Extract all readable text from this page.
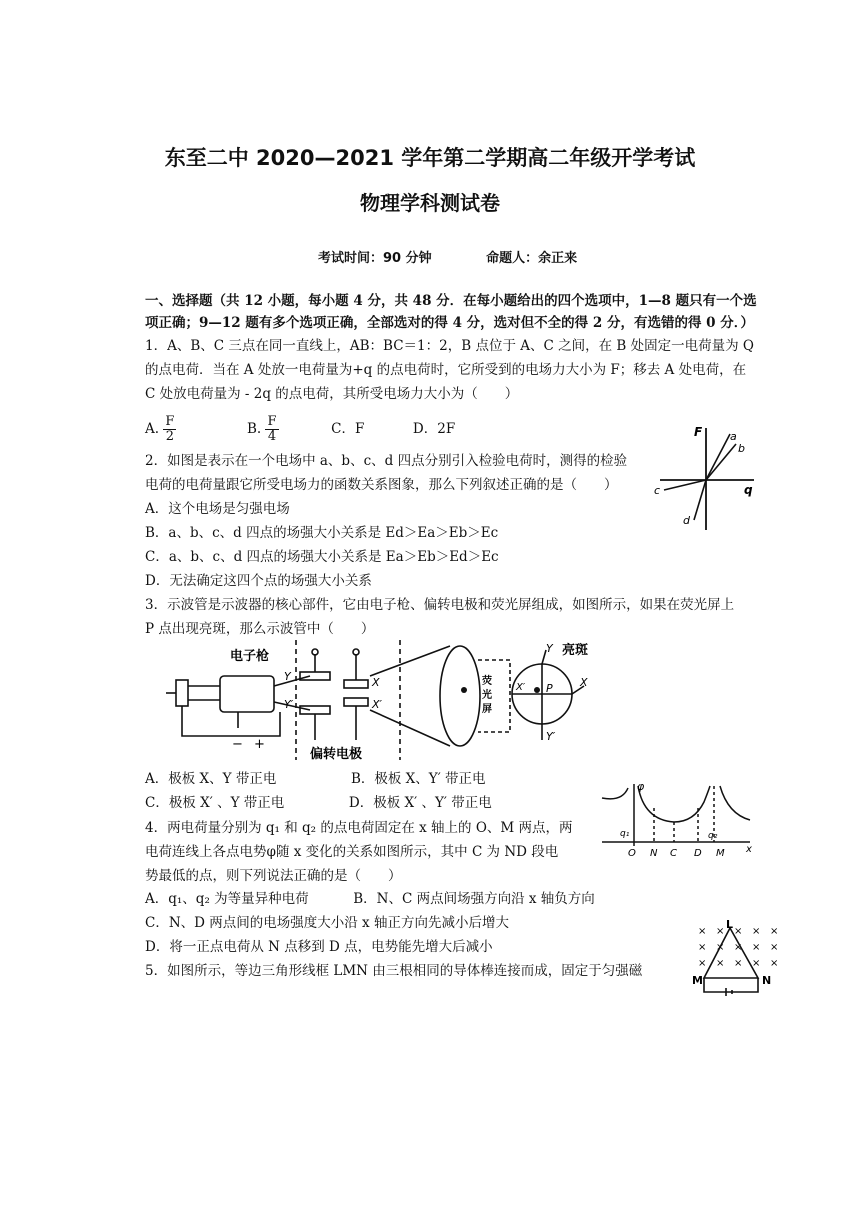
东至二中 2020—2021 学年第二学期高二年级开学考试
物理学科测试卷
考试时间：90 分钟	命题人：余正来
一、选择题（共 12 小题，每小题 4 分，共 48 分．在每小题给出的四个选项中，1—8 题只有一个选
项正确；9—12 题有多个选项正确，全部选对的得 4 分，选对但不全的得 2 分，有选错的得 0 分．）
1．A、B、C 三点在同一直线上，AB：BC＝1：2，B 点位于 A、C 之间，在 B 处固定一电荷量为 Q
的点电荷．当在 A 处放一电荷量为+q 的点电荷时，它所受到的电场力大小为 F；移去 A 处电荷，在
C 处放电荷量为 - 2q 的点电荷，其所受电场力大小为（　　）
A. $\frac{F}{2}$	B. $\frac{F}{4}$	C．F	D．2F
2．如图是表示在一个电场中 a、b、c、d 四点分别引入检验电荷时，测得的检验
电荷的电荷量跟它所受电场力的函数关系图象，那么下列叙述正确的是（　　）
A．这个电场是匀强电场
B．a、b、c、d 四点的场强大小关系是 Ed＞Ea＞Eb＞Ec
C．a、b、c、d 四点的场强大小关系是 Ea＞Eb＞Ed＞Ec
D．无法确定这四个点的场强大小关系
F	a
b
c	q
d
3．示波管是示波器的核心部件，它由电子枪、偏转电极和荧光屏组成，如图所示，如果在荧光屏上
P 点出现亮斑，那么示波管中（　　）
电子枪
偏转电极
亮斑
荧
光
屏
Y
Y′
X
X′
Y
Y′
X
X′ P
− +
A．极板 X、Y 带正电	B．极板 X、Y′ 带正电
C．极板 X′ 、Y 带正电	D．极板 X′ 、Y′ 带正电
4．两电荷量分别为 q₁ 和 q₂ 的点电荷固定在 x 轴上的 O、M 两点，两
电荷连线上各点电势φ随 x 变化的关系如图所示，其中 C 为 ND 段电
势最低的点，则下列说法正确的是（　　）
A．q₁、q₂ 为等量异种电荷	B．N、C 两点间场强方向沿 x 轴负方向
C．N、D 两点间的电场强度大小沿 x 轴正方向先减小后增大
D．将一正点电荷从 N 点移到 D 点，电势能先增大后减小
φ
x
O N C D M
q₁	q₂
5．如图所示，等边三角形线框 LMN 由三根相同的导体棒连接而成，固定于匀强磁
× × × × ×
× × × × ×
× × × × ×
L
M	N
